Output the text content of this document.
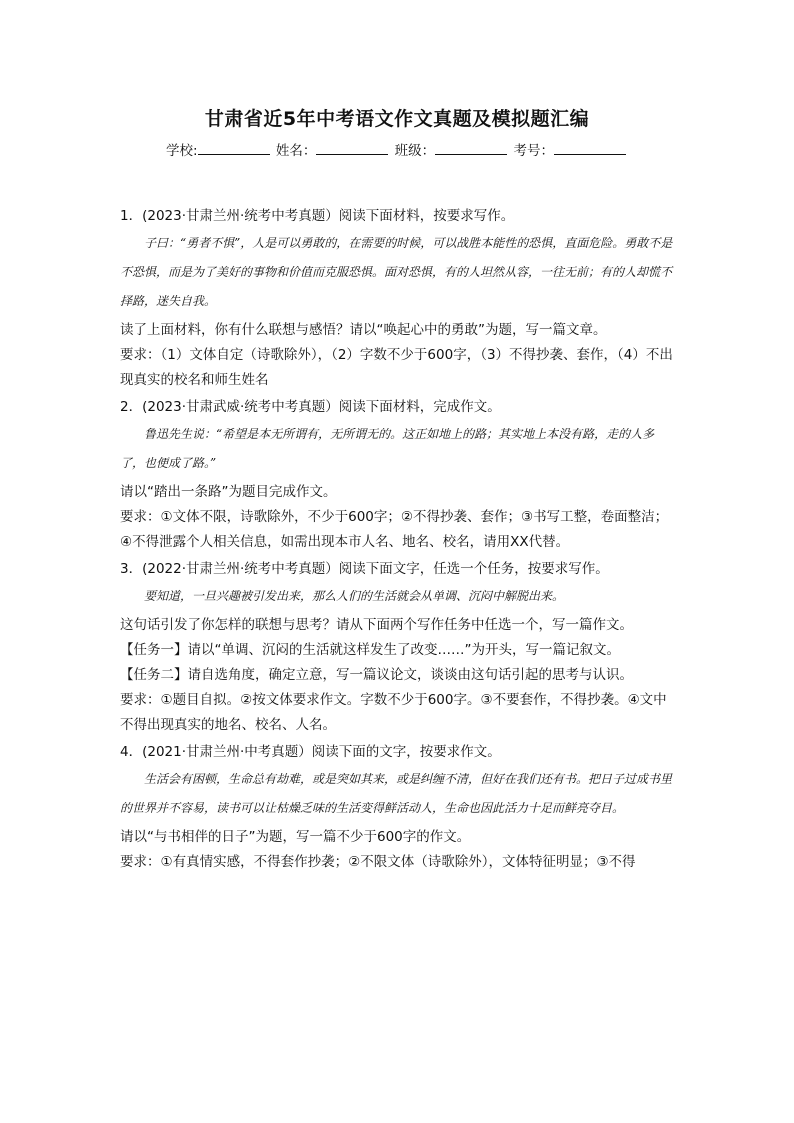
甘肃省近5年中考语文作文真题及模拟题汇编
学校:	姓名：	班级：	考号：

1．(2023·甘肃兰州·统考中考真题）阅读下面材料，按要求写作。

子曰：“勇者不惧”，人是可以勇敢的，在需要的时候，可以战胜本能性的恐惧，直面危险。勇敢不是不恐惧，而是为了美好的事物和价值而克服恐惧。面对恐惧，有的人坦然从容，一往无前；有的人却慌不择路，迷失自我。

读了上面材料，你有什么联想与感悟？请以“唤起心中的勇敢”为题，写一篇文章。

要求：（1）文体自定（诗歌除外），（2）字数不少于600字，（3）不得抄袭、套作，（4）不出现真实的校名和师生姓名

2．(2023·甘肃武威·统考中考真题）阅读下面材料，完成作文。

鲁迅先生说：“希望是本无所谓有，无所谓无的。这正如地上的路；其实地上本没有路，走的人多了，也便成了路。”

请以“踏出一条路”为题目完成作文。

要求：①文体不限，诗歌除外，不少于600字；②不得抄袭、套作；③书写工整，卷面整洁；④不得泄露个人相关信息，如需出现本市人名、地名、校名，请用XX代替。

3．(2022·甘肃兰州·统考中考真题）阅读下面文字，任选一个任务，按要求写作。

要知道，一旦兴趣被引发出来，那么人们的生活就会从单调、沉闷中解脱出来。

这句话引发了你怎样的联想与思考？请从下面两个写作任务中任选一个，写一篇作文。

【任务一】请以“单调、沉闷的生活就这样发生了改变……”为开头，写一篇记叙文。

【任务二】请自选角度，确定立意，写一篇议论文，谈谈由这句话引起的思考与认识。

要求：①题目自拟。②按文体要求作文。字数不少于600字。③不要套作，不得抄袭。④文中不得出现真实的地名、校名、人名。

4．(2021·甘肃兰州·中考真题）阅读下面的文字，按要求作文。

生活会有困顿，生命总有劫难，或是突如其来，或是纠缠不清，但好在我们还有书。把日子过成书里的世界并不容易，读书可以让枯燥乏味的生活变得鲜活动人，生命也因此活力十足而鲜亮夺目。

请以“与书相伴的日子”为题，写一篇不少于600字的作文。

要求：①有真情实感，不得套作抄袭；②不限文体（诗歌除外），文体特征明显；③不得
